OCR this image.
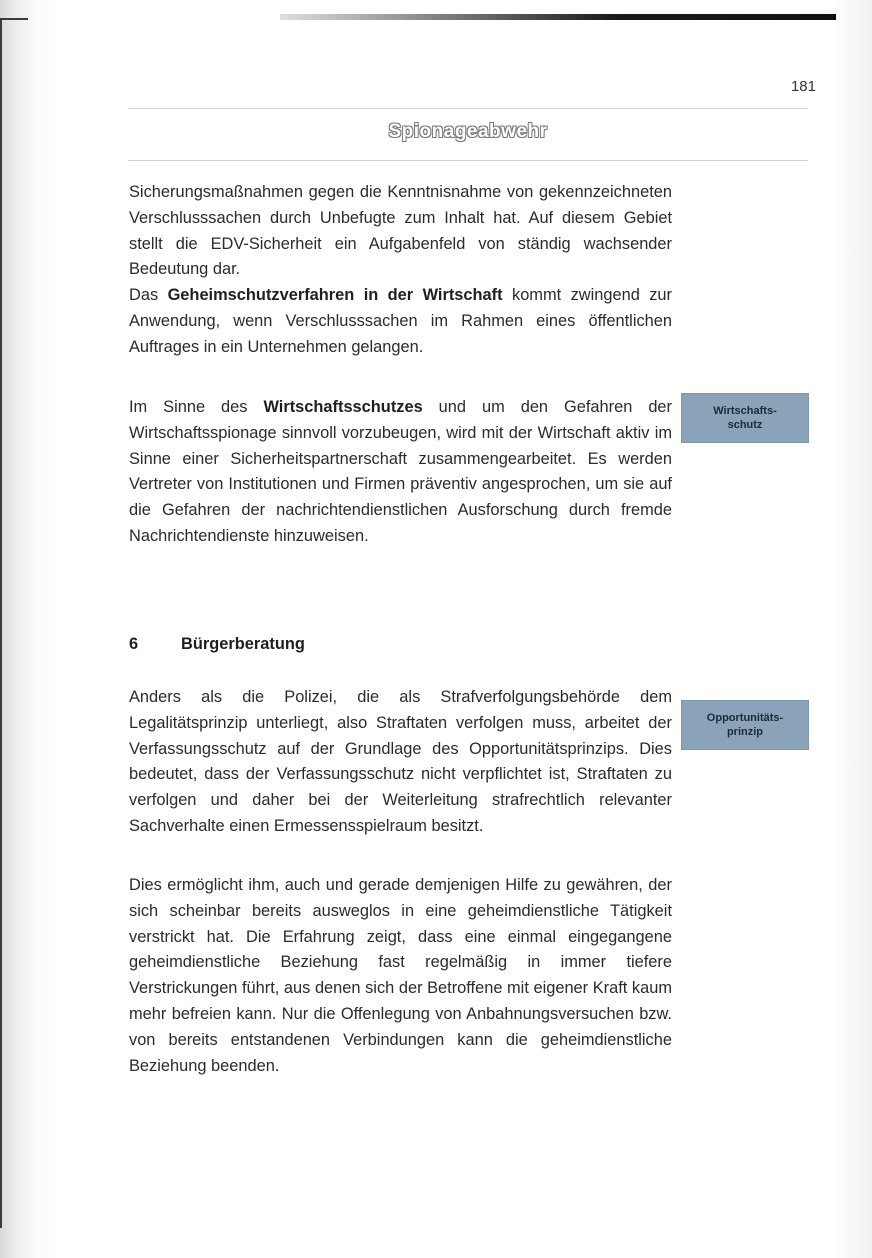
181
Spionageabwehr

Sicherungsmaßnahmen gegen die Kenntnisnahme von gekennzeichneten Verschlusssachen durch Unbefugte zum Inhalt hat. Auf diesem Gebiet stellt die EDV-Sicherheit ein Aufgabenfeld von ständig wachsender Bedeutung dar.

Das Geheimschutzverfahren in der Wirtschaft kommt zwingend zur Anwendung, wenn Verschlusssachen im Rahmen eines öffentlichen Auftrages in ein Unternehmen gelangen.

Im Sinne des Wirtschaftsschutzes und um den Gefahren der Wirtschaftsspionage sinnvoll vorzubeugen, wird mit der Wirtschaft aktiv im Sinne einer Sicherheitspartnerschaft zusammengearbeitet. Es werden Vertreter von Institutionen und Firmen präventiv angesprochen, um sie auf die Gefahren der nachrichtendienstlichen Ausforschung durch fremde Nachrichtendienste hinzuweisen.

Wirtschafts-
schutz
6	Bürgerberatung

Anders als die Polizei, die als Strafverfolgungsbehörde dem Legalitätsprinzip unterliegt, also Straftaten verfolgen muss, arbeitet der Verfassungsschutz auf der Grundlage des Opportunitätsprinzips. Dies bedeutet, dass der Verfassungsschutz nicht verpflichtet ist, Straftaten zu verfolgen und daher bei der Weiterleitung strafrechtlich relevanter Sachverhalte einen Ermessensspielraum besitzt.

Opportunitäts-
prinzip

Dies ermöglicht ihm, auch und gerade demjenigen Hilfe zu gewähren, der sich scheinbar bereits ausweglos in eine geheimdienstliche Tätigkeit verstrickt hat. Die Erfahrung zeigt, dass eine einmal eingegangene geheimdienstliche Beziehung fast regelmäßig in immer tiefere Verstrickungen führt, aus denen sich der Betroffene mit eigener Kraft kaum mehr befreien kann. Nur die Offenlegung von Anbahnungsversuchen bzw. von bereits entstandenen Verbindungen kann die geheimdienstliche Beziehung beenden.
